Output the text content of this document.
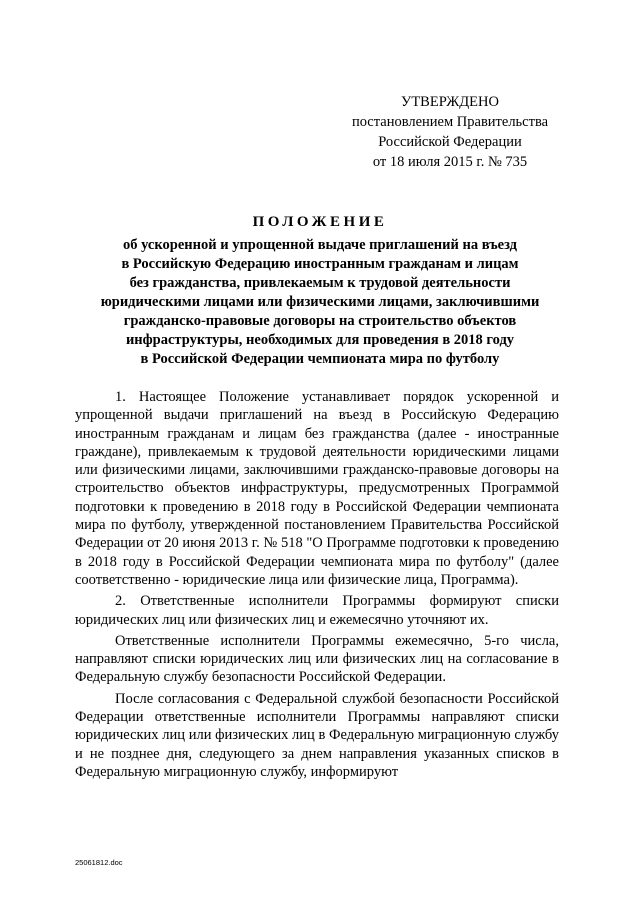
УТВЕРЖДЕНО
постановлением Правительства
Российской Федерации
от 18 июля 2015 г. № 735
ПОЛОЖЕНИЕ
об ускоренной и упрощенной выдаче приглашений на въезд
в Российскую Федерацию иностранным гражданам и лицам
без гражданства, привлекаемым к трудовой деятельности
юридическими лицами или физическими лицами, заключившими
гражданско-правовые договоры на строительство объектов
инфраструктуры, необходимых для проведения в 2018 году
в Российской Федерации чемпионата мира по футболу

1. Настоящее Положение устанавливает порядок ускоренной и упрощенной выдачи приглашений на въезд в Российскую Федерацию иностранным гражданам и лицам без гражданства (далее - иностранные граждане), привлекаемым к трудовой деятельности юридическими лицами или физическими лицами, заключившими гражданско-правовые договоры на строительство объектов инфраструктуры, предусмотренных Программой подготовки к проведению в 2018 году в Российской Федерации чемпионата мира по футболу, утвержденной постановлением Правительства Российской Федерации от 20 июня 2013 г. № 518 "О Программе подготовки к проведению в 2018 году в Российской Федерации чемпионата мира по футболу" (далее соответственно - юридические лица или физические лица, Программа).

2. Ответственные исполнители Программы формируют списки юридических лиц или физических лиц и ежемесячно уточняют их.

Ответственные исполнители Программы ежемесячно, 5-го числа, направляют списки юридических лиц или физических лиц на согласование в Федеральную службу безопасности Российской Федерации.

После согласования с Федеральной службой безопасности Российской Федерации ответственные исполнители Программы направляют списки юридических лиц или физических лиц в Федеральную миграционную службу и не позднее дня, следующего за днем направления указанных списков в Федеральную миграционную службу, информируют

25061812.doc
